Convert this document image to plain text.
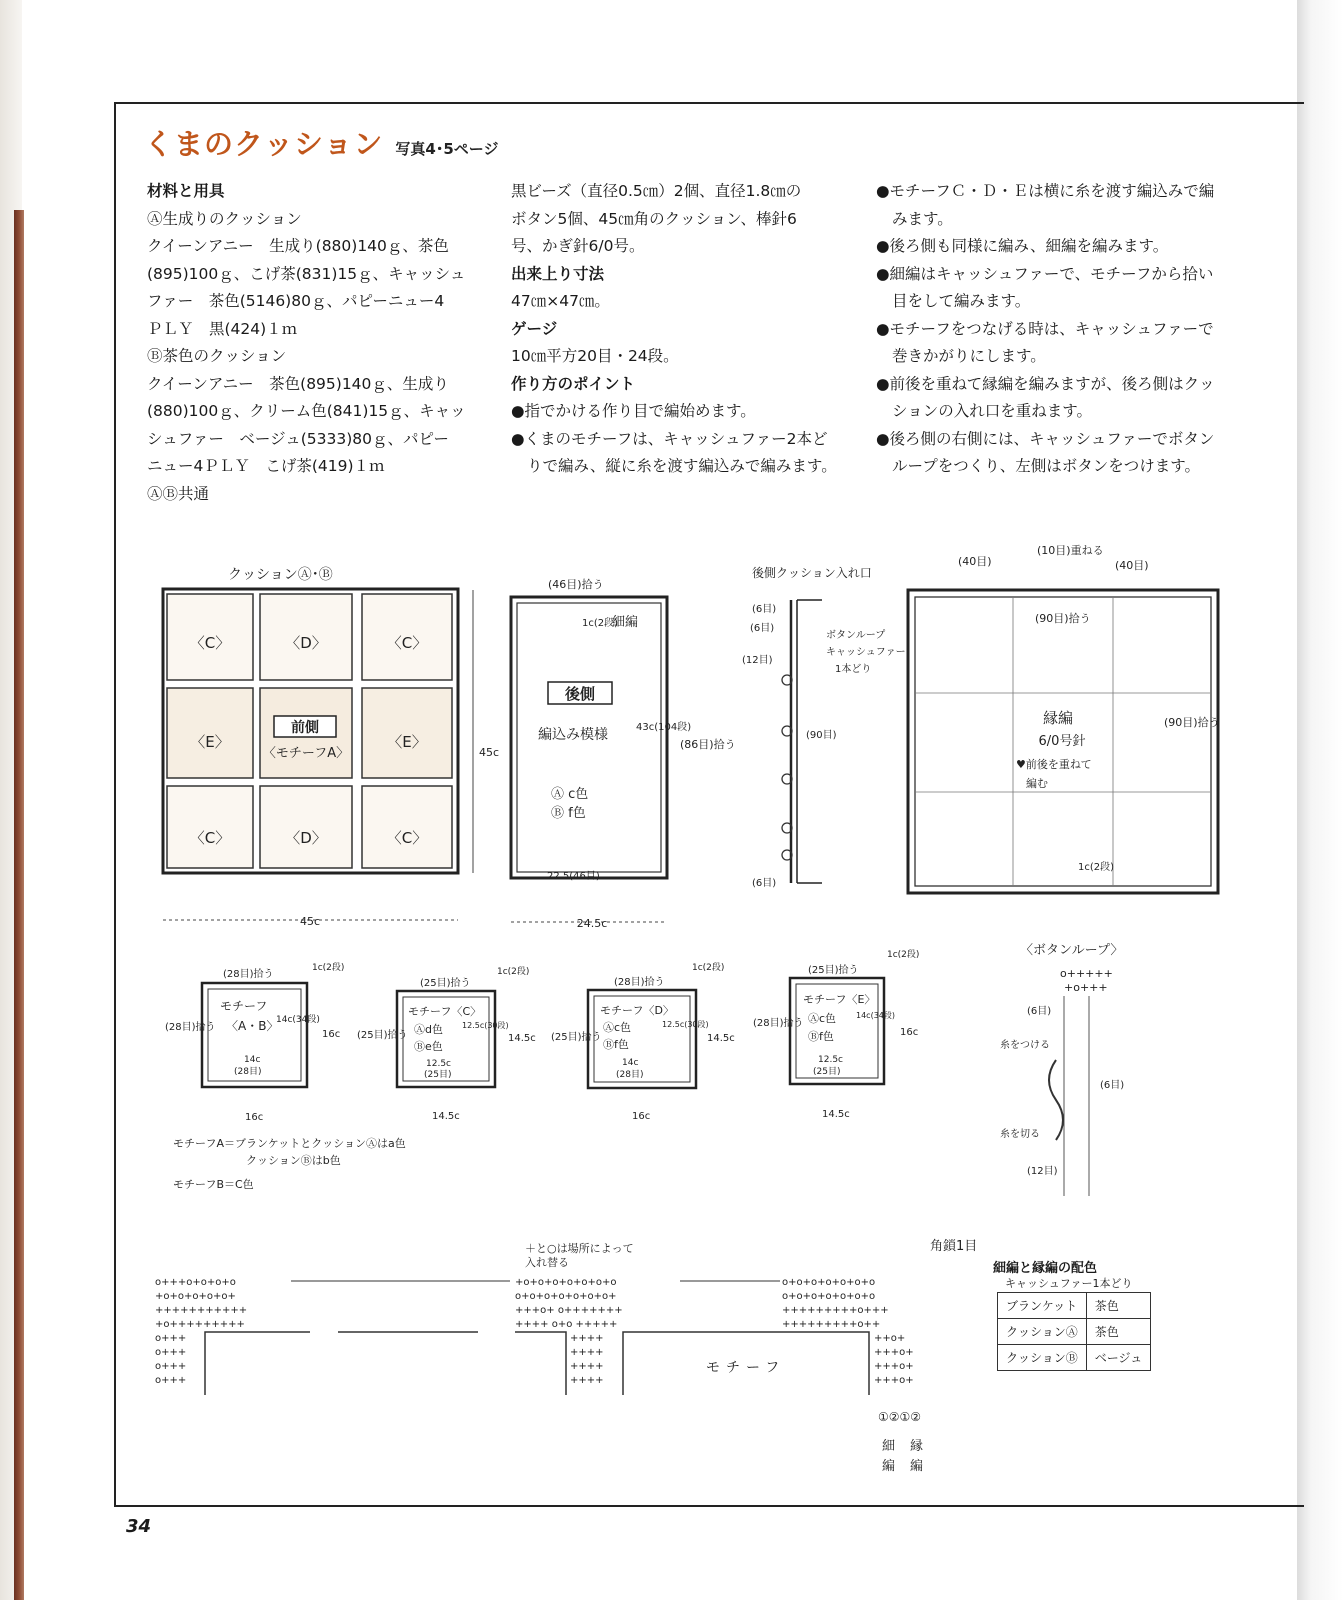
くまのクッション 写真4･5ページ

材料と用具

Ⓐ生成りのクッション

クイーンアニー　生成り(880)140ｇ、茶色

(895)100ｇ、こげ茶(831)15ｇ、キャッシュ

ファー　茶色(5146)80ｇ、パピーニュー4

ＰＬＹ　黒(424)１ｍ

Ⓑ茶色のクッション

クイーンアニー　茶色(895)140ｇ、生成り

(880)100ｇ、クリーム色(841)15ｇ、キャッ

シュファー　ベージュ(5333)80ｇ、パピー

ニュー4ＰＬＹ　こげ茶(419)１ｍ

ⒶⒷ共通

黒ビーズ（直径0.5㎝）2個、直径1.8㎝の

ボタン5個、45㎝角のクッション、棒針6

号、かぎ針6/0号。

出来上り寸法

47㎝×47㎝。

ゲージ

10㎝平方20目・24段。

作り方のポイント

●指でかける作り目で編始めます。

●くまのモチーフは、キャッシュファー2本どりで編み、縦に糸を渡す編込みで編みます。

●モチーフＣ・Ｄ・Ｅは横に糸を渡す編込みで編みます。

●後ろ側も同様に編み、細編を編みます。

●細編はキャッシュファーで、モチーフから拾い目をして編みます。

●モチーフをつなげる時は、キャッシュファーで巻きかがりにします。

●前後を重ねて縁編を編みますが、後ろ側はクッションの入れ口を重ねます。

●後ろ側の右側には、キャッシュファーでボタンループをつくり、左側はボタンをつけます。

クッションⒶ･Ⓑ
〈C〉	〈D〉	〈C〉
〈E〉	〈E〉
〈C〉	〈D〉	〈C〉
前側
〈モチーフA〉
45c
45c
(46目)拾う
細編
1c(2段)
後側
編込み模様
Ⓐ c色
Ⓑ f色
43c(104段)
(86目)拾う
22.5(46目)
24.5c
後側クッション入れ口
(6目)
(6目)
(12目)
ボタンループ
キャッシュファー
1本どり
(90目)
(6目)
(40目)
(10目)重ねる
(40目)
(90目)拾う
縁編
6/0号針
♥前後を重ねて
編む
(90目)拾う
1c(2段)
(28目)拾う
1c(2段)
モチーフ
〈A・B〉
14c(34段)
14c
(28目)
(28目)拾う
16c
16c
(25目)拾う
1c(2段)
モチーフ〈C〉
Ⓐd色
Ⓑe色
12.5c(30段)
12.5c
(25目)
(25目)拾う	14.5c
14.5c
(28目)拾う
1c(2段)
モチーフ〈D〉
Ⓐc色
Ⓑf色
12.5c(30段)
14c
(28目)
(25目)拾う	14.5c
16c
(25目)拾う
1c(2段)
モチーフ〈E〉
Ⓐc色
Ⓑf色
14c(34段)
12.5c
(25目)
(28目)拾う
16c
14.5c
モチーフA＝ブランケットとクッションⒶはa色
クッションⒷはb色
モチーフB＝C色
〈ボタンループ〉
o+++++
+o+++
(6目)
糸をつける
(6目)
糸を切る
(12目)
o+++o+o+o+o
+o+o+o+o+o+
+++++++++++
+o+++++++++
o+++
o+++
o+++
o+++
+o+o+o+o+o+o+o
o+o+o+o+o+o+o+
+++o+ o+++++++
++++ o+o +++++
++++
++++
++++
++++
o+o+o+o+o+o+o
o+o+o+o+o+o+o
+++++++++o+++
+++++++++o++
++o+
+++o+
+++o+
+++o+
＋と○は場所によって
入れ替る
角鎖1目
モチーフ
①②①②
細
編
縁
編
細編と縁編の配色
キャッシュファー1本どり
ブランケット	茶色
クッションⒶ	茶色
クッションⒷ	ベージュ
34
